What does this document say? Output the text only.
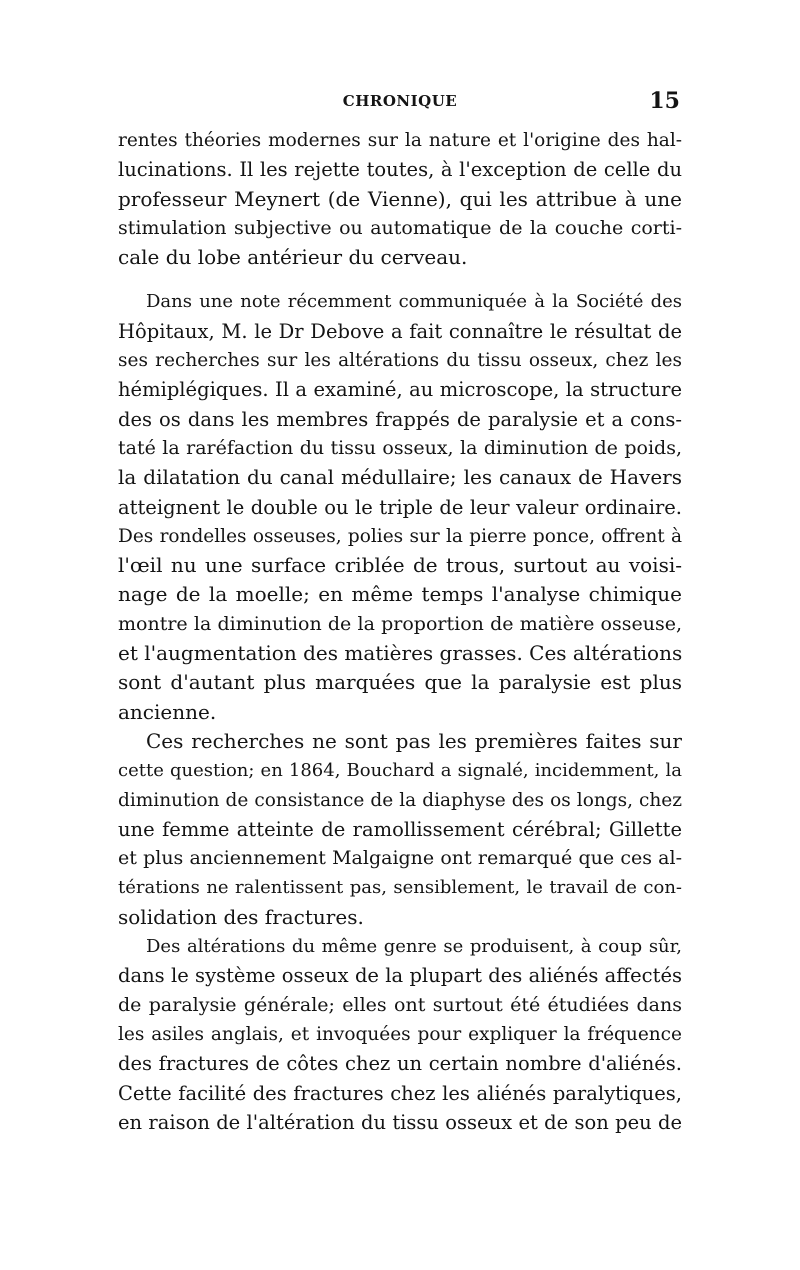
CHRONIQUE	15
rentes théories modernes sur la nature et l'origine des hal-
lucinations. Il les rejette toutes, à l'exception de celle du
professeur Meynert (de Vienne), qui les attribue à une
stimulation subjective ou automatique de la couche corti-
cale du lobe antérieur du cerveau.
Dans une note récemment communiquée à la Société des
Hôpitaux, M. le Dr Debove a fait connaître le résultat de
ses recherches sur les altérations du tissu osseux, chez les
hémiplégiques. Il a examiné, au microscope, la structure
des os dans les membres frappés de paralysie et a cons-
taté la raréfaction du tissu osseux, la diminution de poids,
la dilatation du canal médullaire; les canaux de Havers
atteignent le double ou le triple de leur valeur ordinaire.
Des rondelles osseuses, polies sur la pierre ponce, offrent à
l'œil nu une surface criblée de trous, surtout au voisi-
nage de la moelle; en même temps l'analyse chimique
montre la diminution de la proportion de matière osseuse,
et l'augmentation des matières grasses. Ces altérations
sont d'autant plus marquées que la paralysie est plus
ancienne.
Ces recherches ne sont pas les premières faites sur
cette question; en 1864, Bouchard a signalé, incidemment, la
diminution de consistance de la diaphyse des os longs, chez
une femme atteinte de ramollissement cérébral; Gillette
et plus anciennement Malgaigne ont remarqué que ces al-
térations ne ralentissent pas, sensiblement, le travail de con-
solidation des fractures.
Des altérations du même genre se produisent, à coup sûr,
dans le système osseux de la plupart des aliénés affectés
de paralysie générale; elles ont surtout été étudiées dans
les asiles anglais, et invoquées pour expliquer la fréquence
des fractures de côtes chez un certain nombre d'aliénés.
Cette facilité des fractures chez les aliénés paralytiques,
en raison de l'altération du tissu osseux et de son peu de
